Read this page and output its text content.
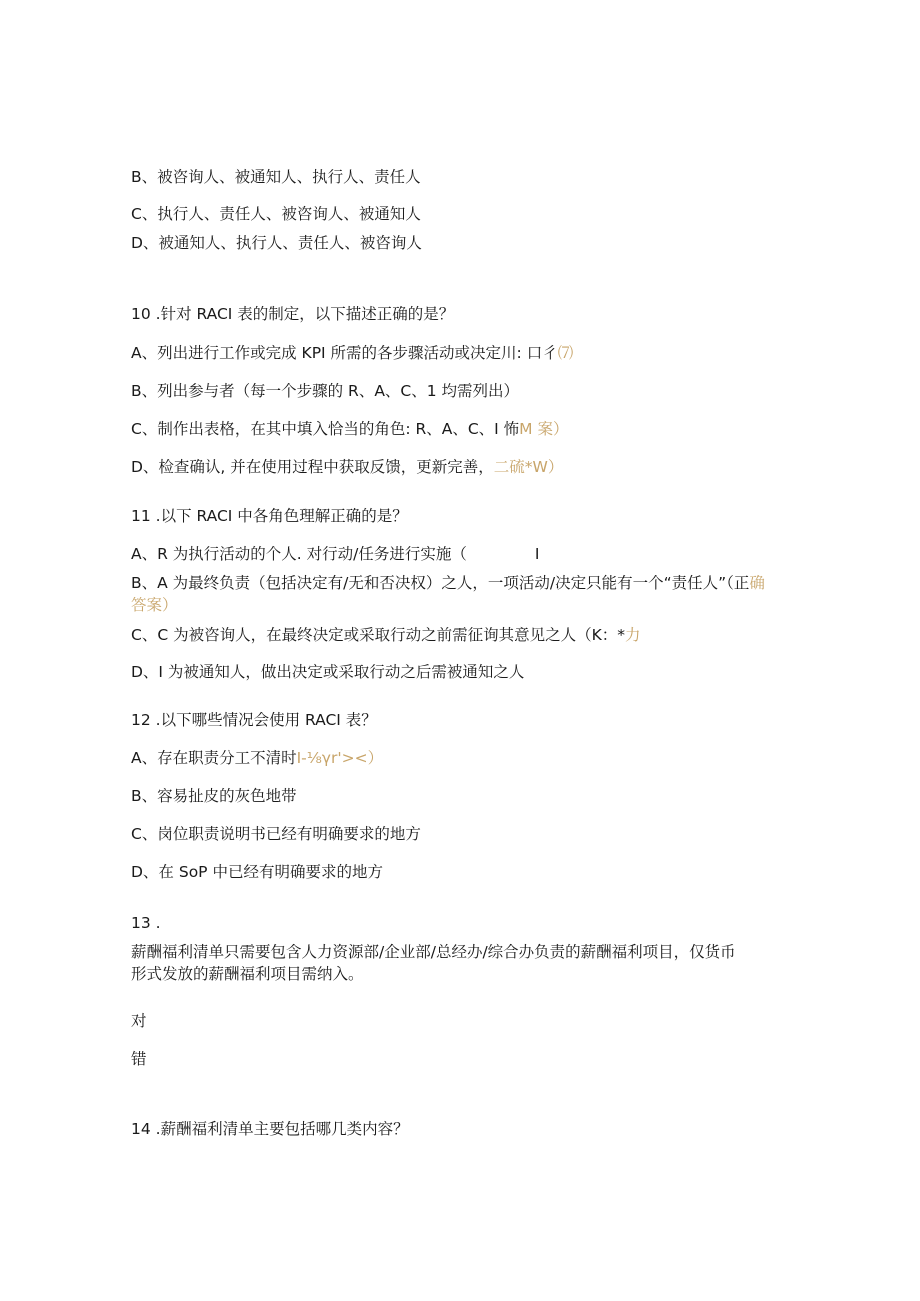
B、被咨询人、被通知人、执行人、责任人
C、执行人、责任人、被咨询人、被通知人
D、被通知人、执行人、责任人、被咨询人
10 .针对 RACI 表的制定，以下描述正确的是？
A、列出进行工作或完成 KPI 所需的各步骤活动或决定川: 口彳⑺
B、列出参与者（每一个步骤的 R、A、C、1 均需列出）
C、制作出表格，在其中填入恰当的角色: R、A、C、I 怖M 案）
D、检查确认, 并在使用过程中获取反馈，更新完善，二硫*W）
11 .以下 RACI 中各角色理解正确的是？
A、R 为执行活动的个人. 对行动/任务进行实施（	I
B、A 为最终负责（包括决定有/无和否决权）之人，一项活动/决定只能有一个“责任人”（正确答案）
C、C 为被咨询人，在最终决定或采取行动之前需征询其意见之人（K：*力
D、I 为被通知人，做出决定或采取行动之后需被通知之人
12 .以下哪些情况会使用 RACI 表？
A、存在职责分工不清时I-⅛γr'><）
B、容易扯皮的灰色地带
C、岗位职责说明书已经有明确要求的地方
D、在 SoP 中已经有明确要求的地方
13 .
薪酬福利清单只需要包含人力资源部/企业部/总经办/综合办负责的薪酬福利项目，仅货币形式发放的薪酬福利项目需纳入。
对
错
14 .薪酬福利清单主要包括哪几类内容？
